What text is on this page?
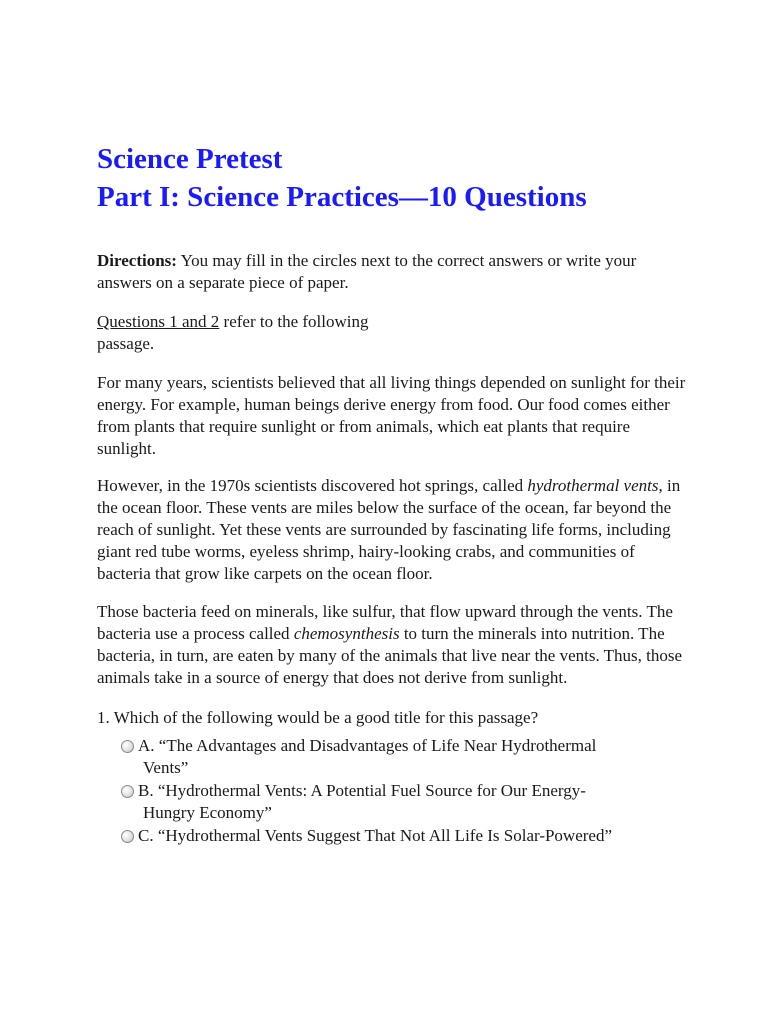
Science Pretest
Part I: Science Practices—10 Questions

Directions: You may fill in the circles next to the correct answers or write your answers on a separate piece of paper.

Questions 1 and 2 refer to the following
passage.

For many years, scientists believed that all living things depended on sunlight for their energy. For example, human beings derive energy from food. Our food comes either from plants that require sunlight or from animals, which eat plants that require sunlight.

However, in the 1970s scientists discovered hot springs, called hydrothermal vents, in the ocean floor. These vents are miles below the surface of the ocean, far beyond the reach of sunlight. Yet these vents are surrounded by fascinating life forms, including giant red tube worms, eyeless shrimp, hairy-looking crabs, and communities of bacteria that grow like carpets on the ocean floor.

Those bacteria feed on minerals, like sulfur, that flow upward through the vents. The bacteria use a process called chemosynthesis to turn the minerals into nutrition. The bacteria, in turn, are eaten by many of the animals that live near the vents. Thus, those animals take in a source of energy that does not derive from sunlight.

1. Which of the following would be a good title for this passage?

A. “The Advantages and Disadvantages of Life Near Hydrothermal
Vents”
B. “Hydrothermal Vents: A Potential Fuel Source for Our Energy-
Hungry Economy”
C. “Hydrothermal Vents Suggest That Not All Life Is Solar-Powered”
